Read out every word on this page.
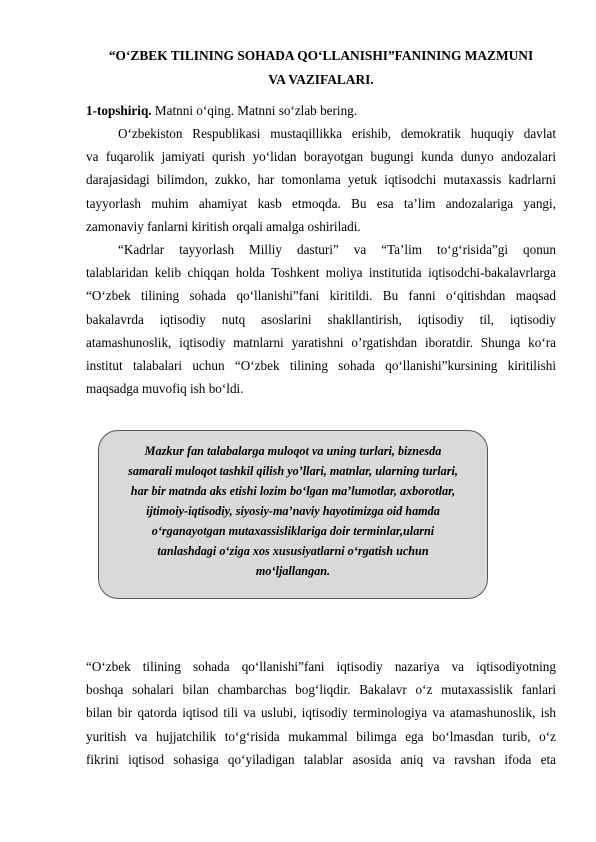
“O‘ZBEK TILINING SOHADA QO‘LLANISHI”FANINING MAZMUNI
VA VAZIFALARI.
1-topshiriq. Matnni o‘qing. Matnni so‘zlab bering.
O‘zbekiston Respublikasi mustaqillikka erishib, demokratik huquqiy davlat
va fuqarolik jamiyati qurish yo‘lidan borayotgan bugungi kunda dunyo andozalari
darajasidagi bilimdon, zukko, har tomonlama yetuk iqtisodchi mutaxassis kadrlarni
tayyorlash muhim ahamiyat kasb etmoqda. Bu esa ta’lim andozalariga yangi,
zamonaviy fanlarni kiritish orqali amalga oshiriladi.
“Kadrlar tayyorlash Milliy dasturi” va “Ta’lim to‘g‘risida”gi qonun
talablaridan kelib chiqqan holda Toshkent moliya institutida iqtisodchi-bakalavrlarga
“O‘zbek tilining sohada qo‘llanishi”fani kiritildi. Bu fanni o‘qitishdan maqsad
bakalavrda iqtisodiy nutq asoslarini shakllantirish, iqtisodiy til, iqtisodiy
atamashunoslik, iqtisodiy matnlarni yaratishni o’rgatishdan iboratdir. Shunga ko‘ra
institut talabalari uchun “O‘zbek tilining sohada qo‘llanishi”kursining kiritilishi
maqsadga muvofiq ish bo‘ldi.
Mazkur fan talabalarga muloqot va uning turlari, biznesda
samarali muloqot tashkil qilish yo’llari, matnlar, ularning turlari,
har bir matnda aks etishi lozim bo‘lgan ma’lumotlar, axborotlar,
ijtimoiy-iqtisodiy, siyosiy-ma’naviy hayotimizga oid hamda
o‘rganayotgan mutaxassisliklariga doir terminlar,ularni
tanlashdagi o‘ziga xos xususiyatlarni o‘rgatish uchun
mo‘ljallangan.
“O‘zbek tilining sohada qo‘llanishi”fani iqtisodiy nazariya va iqtisodiyotning
boshqa sohalari bilan chambarchas bog‘liqdir. Bakalavr o‘z mutaxassislik fanlari
bilan bir qatorda iqtisod tili va uslubi, iqtisodiy terminologiya va atamashunoslik, ish
yuritish va hujjatchilik to‘g‘risida mukammal bilimga ega bo‘lmasdan turib, o‘z
fikrini iqtisod sohasiga qo‘yiladigan talablar asosida aniq va ravshan ifoda eta
